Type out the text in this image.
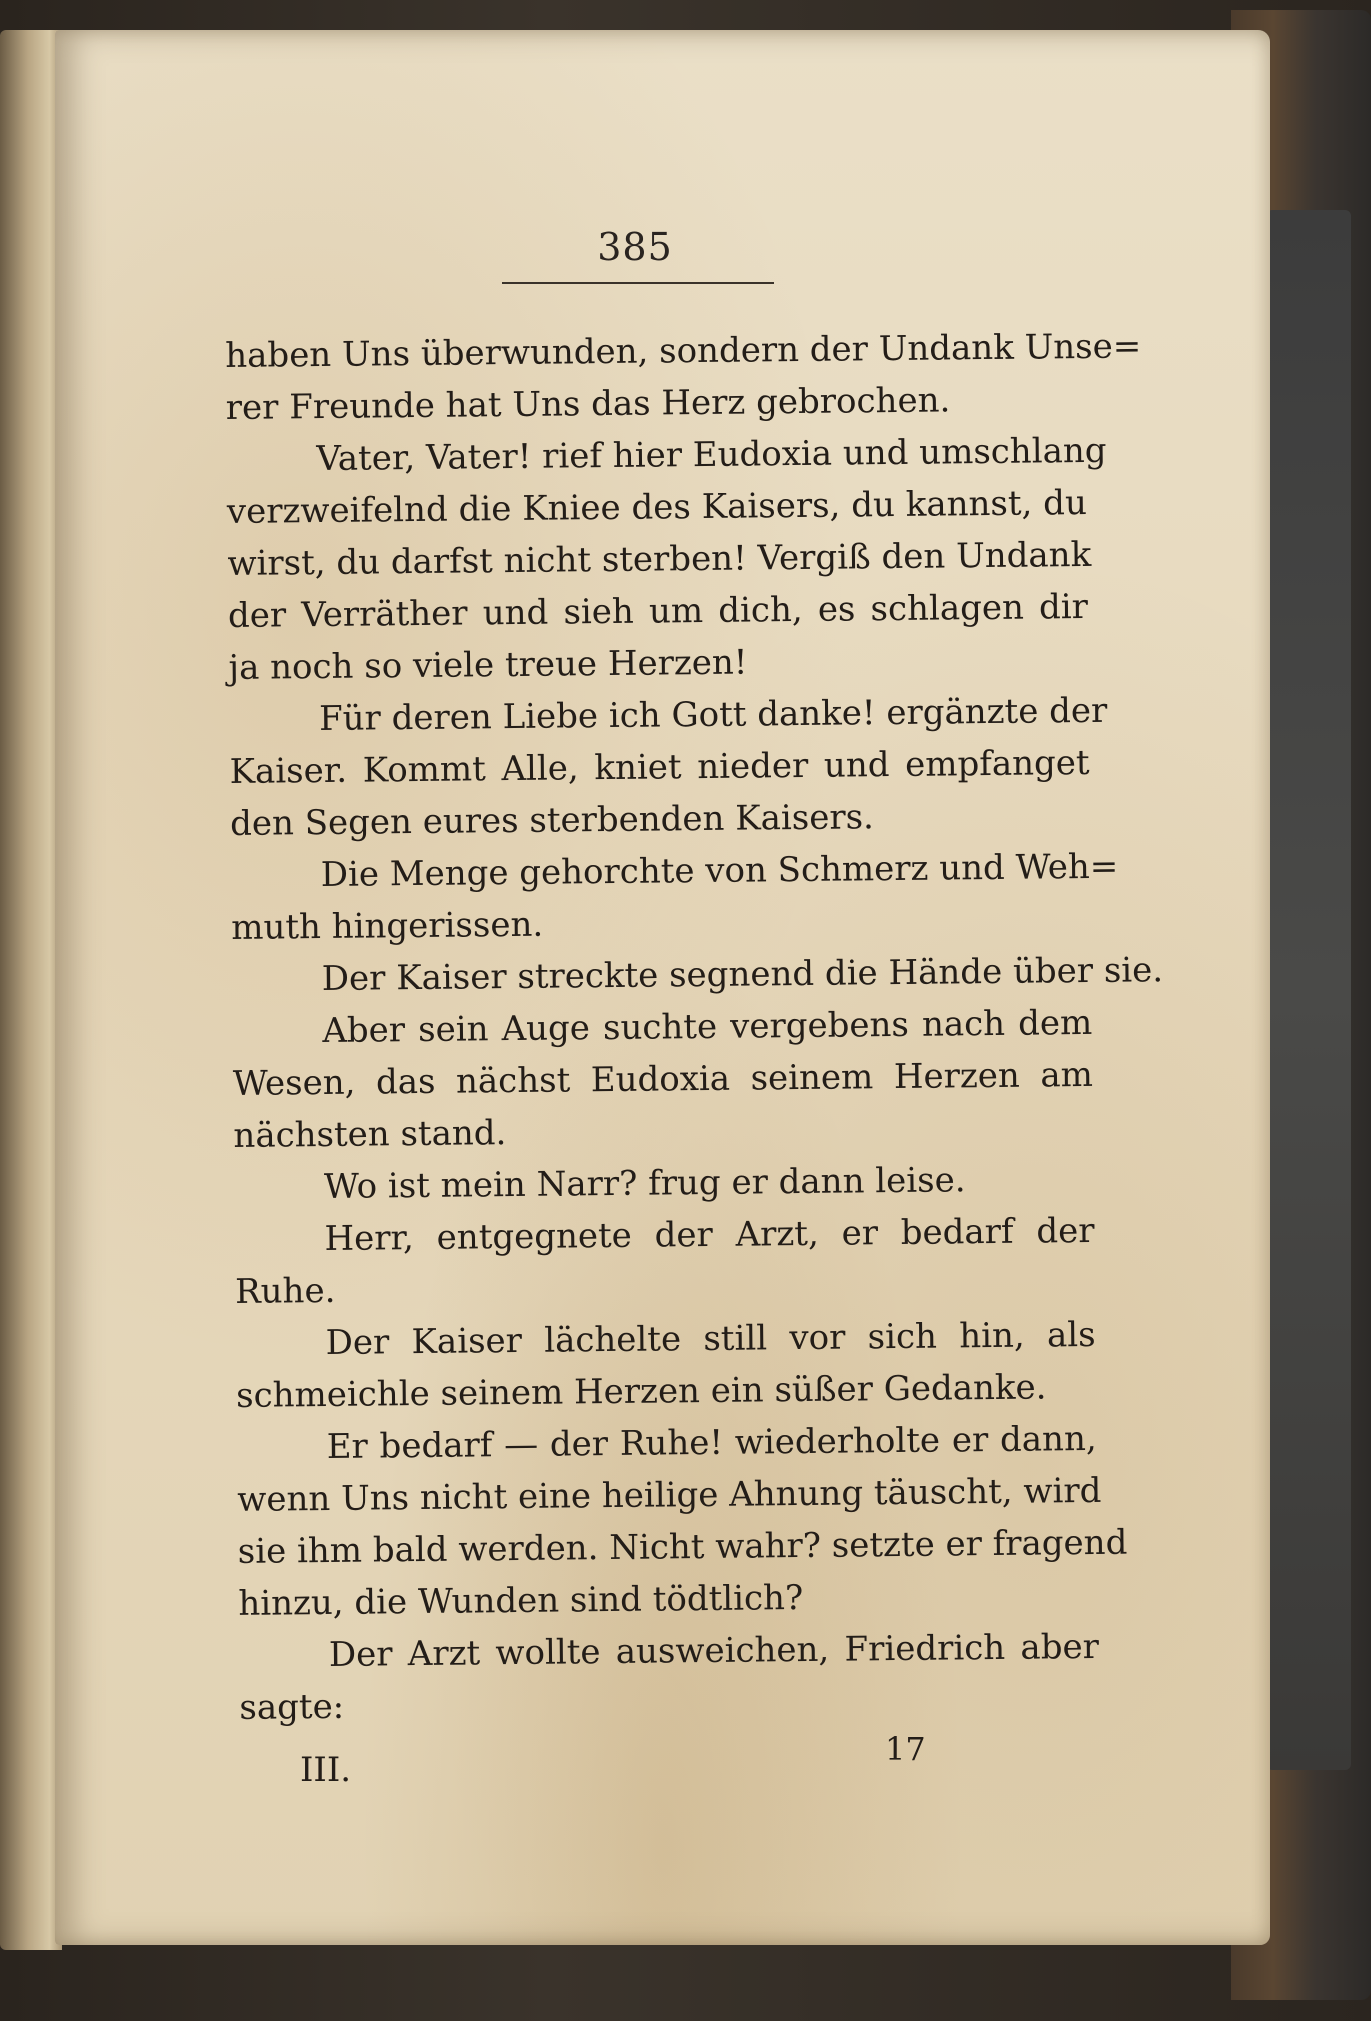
385
haben Uns überwunden, sondern der Undank Unse=
rer Freunde hat Uns das Herz gebrochen.
Vater, Vater! rief hier Eudoxia und umschlang
verzweifelnd die Kniee des Kaisers, du kannst, du
wirst, du darfst nicht sterben! Vergiß den Undank
der Verräther und sieh um dich, es schlagen dir
ja noch so viele treue Herzen!
Für deren Liebe ich Gott danke! ergänzte der
Kaiser. Kommt Alle, kniet nieder und empfanget
den Segen eures sterbenden Kaisers.
Die Menge gehorchte von Schmerz und Weh=
muth hingerissen.
Der Kaiser streckte segnend die Hände über sie.
Aber sein Auge suchte vergebens nach dem
Wesen, das nächst Eudoxia seinem Herzen am
nächsten stand.
Wo ist mein Narr? frug er dann leise.
Herr, entgegnete der Arzt, er bedarf der
Ruhe.
Der Kaiser lächelte still vor sich hin, als
schmeichle seinem Herzen ein süßer Gedanke.
Er bedarf — der Ruhe! wiederholte er dann,
wenn Uns nicht eine heilige Ahnung täuscht, wird
sie ihm bald werden. Nicht wahr? setzte er fragend
hinzu, die Wunden sind tödtlich?
Der Arzt wollte ausweichen, Friedrich aber
sagte:
III.
17
